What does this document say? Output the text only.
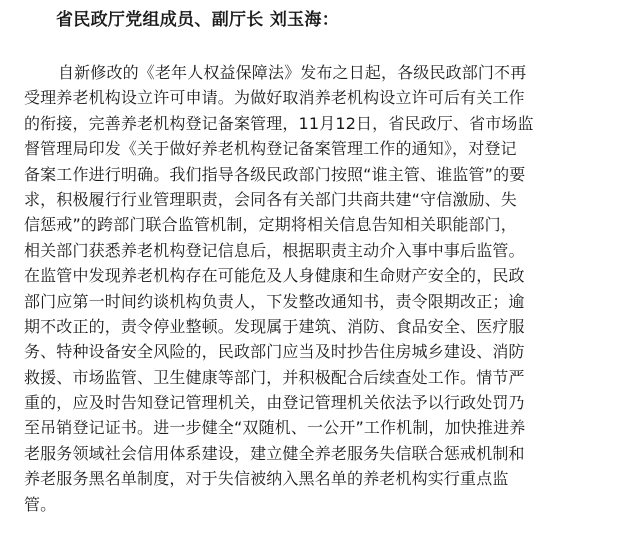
省民政厅党组成员、副厅长 刘玉海：
自新修改的《老年人权益保障法》发布之日起，各级民政部门不再
受理养老机构设立许可申请。为做好取消养老机构设立许可后有关工作
的衔接，完善养老机构登记备案管理，11月12日，省民政厅、省市场监
督管理局印发《关于做好养老机构登记备案管理工作的通知》，对登记
备案工作进行明确。我们指导各级民政部门按照“谁主管、谁监管”的要
求，积极履行行业管理职责，会同各有关部门共商共建“守信激励、失
信惩戒”的跨部门联合监管机制，定期将相关信息告知相关职能部门，
相关部门获悉养老机构登记信息后，根据职责主动介入事中事后监管。
在监管中发现养老机构存在可能危及人身健康和生命财产安全的，民政
部门应第一时间约谈机构负责人，下发整改通知书，责令限期改正；逾
期不改正的，责令停业整顿。发现属于建筑、消防、食品安全、医疗服
务、特种设备安全风险的，民政部门应当及时抄告住房城乡建设、消防
救援、市场监管、卫生健康等部门，并积极配合后续查处工作。情节严
重的，应及时告知登记管理机关，由登记管理机关依法予以行政处罚乃
至吊销登记证书。进一步健全“双随机、一公开”工作机制，加快推进养
老服务领域社会信用体系建设，建立健全养老服务失信联合惩戒机制和
养老服务黑名单制度，对于失信被纳入黑名单的养老机构实行重点监
管。
